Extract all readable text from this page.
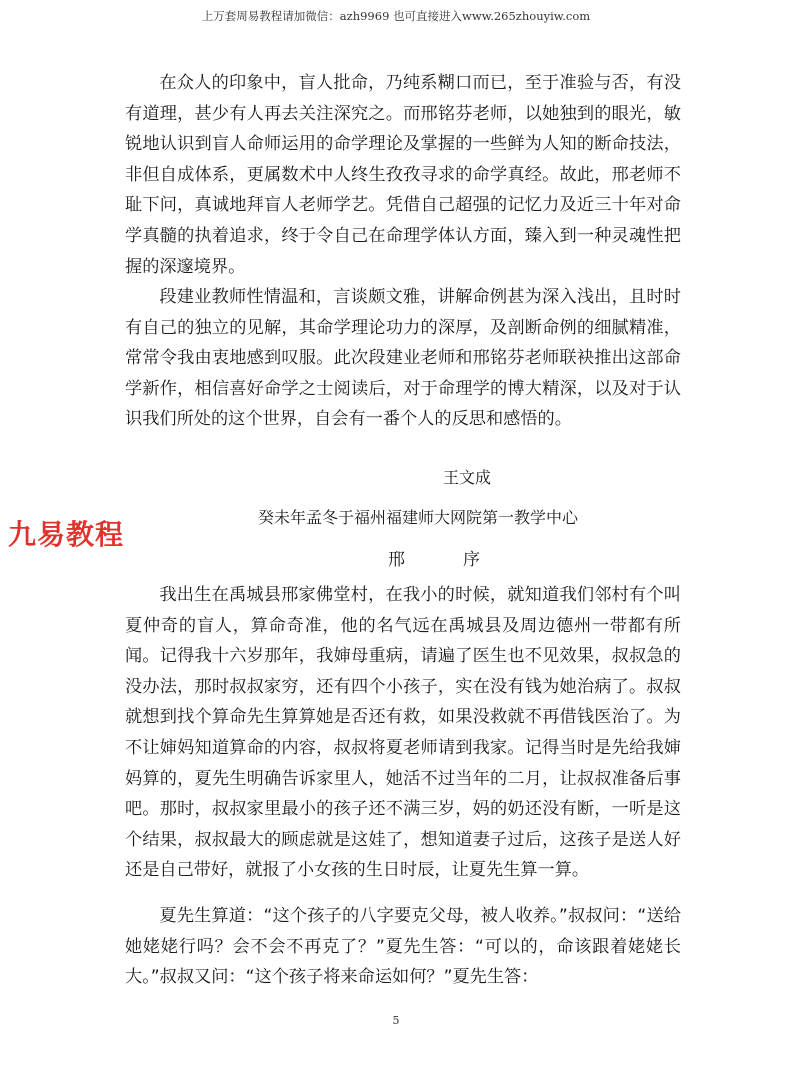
上万套周易教程请加微信：azh9969 也可直接进入www.265zhouyiw.com

在众人的印象中，盲人批命，乃纯系糊口而已，至于准验与否，有没有道理，甚少有人再去关注深究之。而邢铭芬老师，以她独到的眼光，敏锐地认识到盲人命师运用的命学理论及掌握的一些鲜为人知的断命技法，非但自成体系，更属数术中人终生孜孜寻求的命学真经。故此，邢老师不耻下问，真诚地拜盲人老师学艺。凭借自己超强的记忆力及近三十年对命学真髓的执着追求，终于令自己在命理学体认方面，臻入到一种灵魂性把握的深邃境界。

段建业教师性情温和，言谈颇文雅，讲解命例甚为深入浅出，且时时有自己的独立的见解，其命学理论功力的深厚，及剖断命例的细腻精准，常常令我由衷地感到叹服。此次段建业老师和邢铭芬老师联袂推出这部命学新作，相信喜好命学之士阅读后，对于命理学的博大精深，以及对于认识我们所处的这个世界，自会有一番个人的反思和感悟的。

王文成
癸未年孟冬于福州福建师大网院第一教学中心
九易教程
邢序

我出生在禹城县邢家佛堂村，在我小的时候，就知道我们邻村有个叫夏仲奇的盲人，算命奇准，他的名气远在禹城县及周边德州一带都有所闻。记得我十六岁那年，我婶母重病，请遍了医生也不见效果，叔叔急的没办法，那时叔叔家穷，还有四个小孩子，实在没有钱为她治病了。叔叔就想到找个算命先生算算她是否还有救，如果没救就不再借钱医治了。为不让婶妈知道算命的内容，叔叔将夏老师请到我家。记得当时是先给我婶妈算的，夏先生明确告诉家里人，她活不过当年的二月，让叔叔准备后事吧。那时，叔叔家里最小的孩子还不满三岁，妈的奶还没有断，一听是这个结果，叔叔最大的顾虑就是这娃了，想知道妻子过后，这孩子是送人好还是自己带好，就报了小女孩的生日时辰，让夏先生算一算。

夏先生算道：“这个孩子的八字要克父母，被人收养。”叔叔问：“送给她姥姥行吗？会不会不再克了？”夏先生答：“可以的，命该跟着姥姥长大。”叔叔又问：“这个孩子将来命运如何？”夏先生答：

5
